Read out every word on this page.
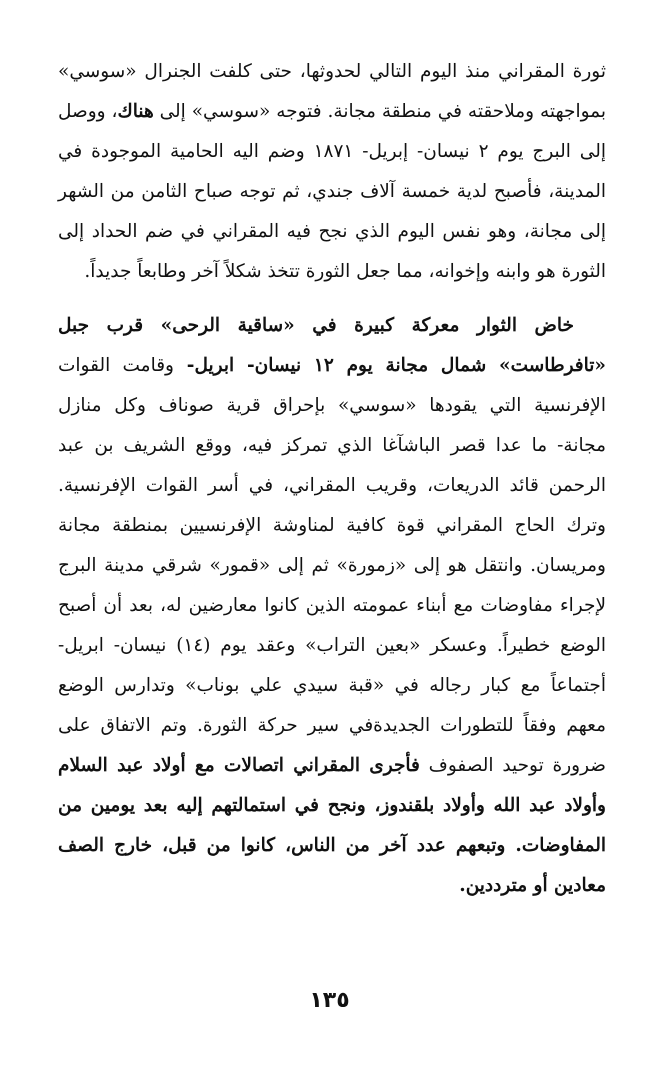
ثورة المقراني منذ اليوم التالي لحدوثها، حتى كلفت الجنرال «سوسي» بمواجهته وملاحقته في منطقة مجانة. فتوجه «سوسي» إلى هناك، ووصل إلى البرج يوم ٢ نيسان- إبريل- ١٨٧١ وضم اليه الحامية الموجودة في المدينة، فأصبح لدية خمسة آلاف جندي، ثم توجه صباح الثامن من الشهر إلى مجانة، وهو نفس اليوم الذي نجح فيه المقراني في ضم الحداد إلى الثورة هو وابنه وإخوانه، مما جعل الثورة تتخذ شكلاً آخر وطابعاً جديداً.

خاض الثوار معركة كبيرة في «ساقية الرحى» قرب جبل «تافرطاست» شمال مجانة يوم ١٢ نيسان- ابريل- وقامت القوات الإفرنسية التي يقودها «سوسي» بإحراق قرية صوناف وكل منازل مجانة- ما عدا قصر الباشآغا الذي تمركز فيه، ووقع الشريف بن عبد الرحمن قائد الدريعات، وقريب المقراني، في أسر القوات الإفرنسية. وترك الحاج المقراني قوة كافية لمناوشة الإفرنسيين بمنطقة مجانة ومريسان. وانتقل هو إلى «زمورة» ثم إلى «قمور» شرقي مدينة البرج لإجراء مفاوضات مع أبناء عمومته الذين كانوا معارضين له، بعد أن أصبح الوضع خطيراً. وعسكر «بعين التراب» وعقد يوم (١٤) نيسان- ابريل- أجتماعاً مع كبار رجاله في «قبة سيدي علي بوناب» وتدارس الوضع معهم وفقاً للتطورات الجديدةفي سير حركة الثورة. وتم الاتفاق على ضرورة توحيد الصفوف فأجرى المقراني اتصالات مع أولاد عبد السلام وأولاد عبد الله وأولاد بلقندوز، ونجح في استمالتهم إليه بعد يومين من المفاوضات. وتبعهم عدد آخر من الناس، كانوا من قبل، خارج الصف معادين أو مترددين.

١٣٥
